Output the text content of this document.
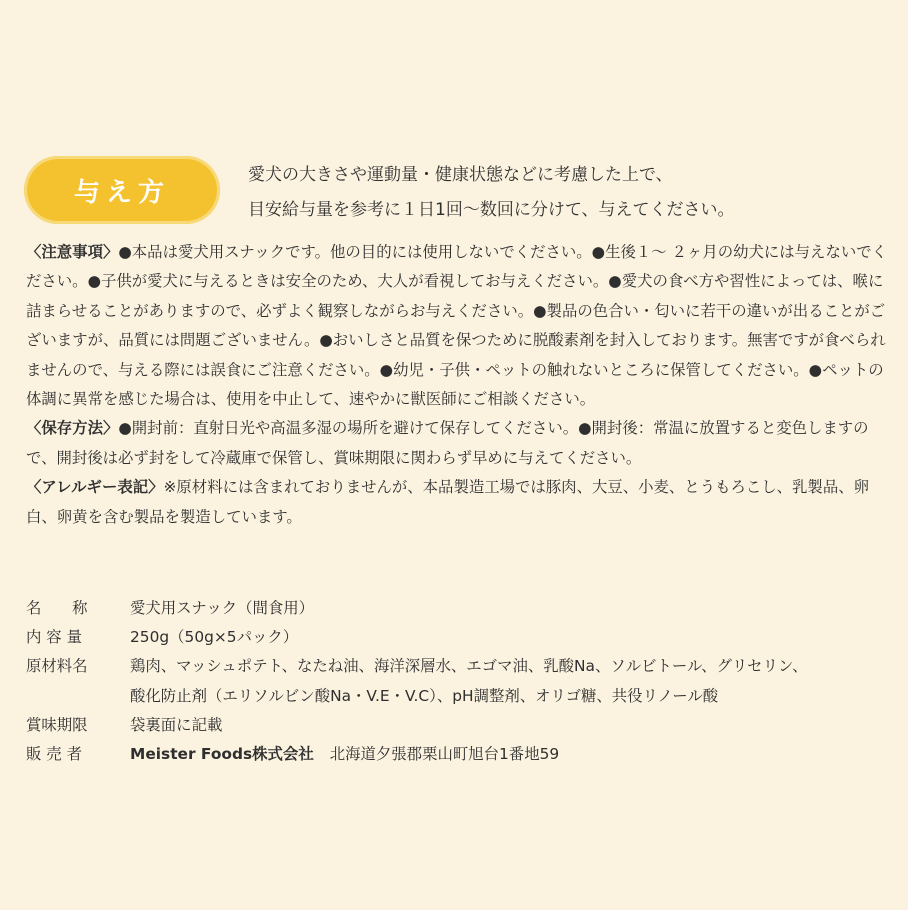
与え方
愛犬の大きさや運動量・健康状態などに考慮した上で、
目安給与量を参考に１日1回〜数回に分けて、与えてください。

〈注意事項〉●本品は愛犬用スナックです。他の目的には使用しないでください。●生後１〜 ２ヶ月の幼犬には与えないでください。●子供が愛犬に与えるときは安全のため、大人が看視してお与えください。●愛犬の食べ方や習性によっては、喉に詰まらせることがありますので、必ずよく観察しながらお与えください。●製品の色合い・匂いに若干の違いが出ることがございますが、品質には問題ございません。●おいしさと品質を保つために脱酸素剤を封入しております。無害ですが食べられませんので、与える際には誤食にご注意ください。●幼児・子供・ペットの触れないところに保管してください。●ペットの体調に異常を感じた場合は、使用を中止して、速やかに獣医師にご相談ください。

〈保存方法〉●開封前：直射日光や高温多湿の場所を避けて保存してください。●開封後：常温に放置すると変色しますので、開封後は必ず封をして冷蔵庫で保管し、賞味期限に関わらず早めに与えてください。

〈アレルギー表記〉※原材料には含まれておりませんが、本品製造工場では豚肉、大豆、小麦、とうもろこし、乳製品、卵白、卵黄を含む製品を製造しています。

名　　称	愛犬用スナック（間食用）
内 容 量	250g（50g×5パック）
原材料名	鶏肉、マッシュポテト、なたね油、海洋深層水、エゴマ油、乳酸Na、ソルビトール、グリセリン、
酸化防止剤（エリソルビン酸Na・V.E・V.C）、pH調整剤、オリゴ糖、共役リノール酸
賞味期限	袋裏面に記載
販 売 者	Meister Foods株式会社 北海道夕張郡栗山町旭台1番地59
